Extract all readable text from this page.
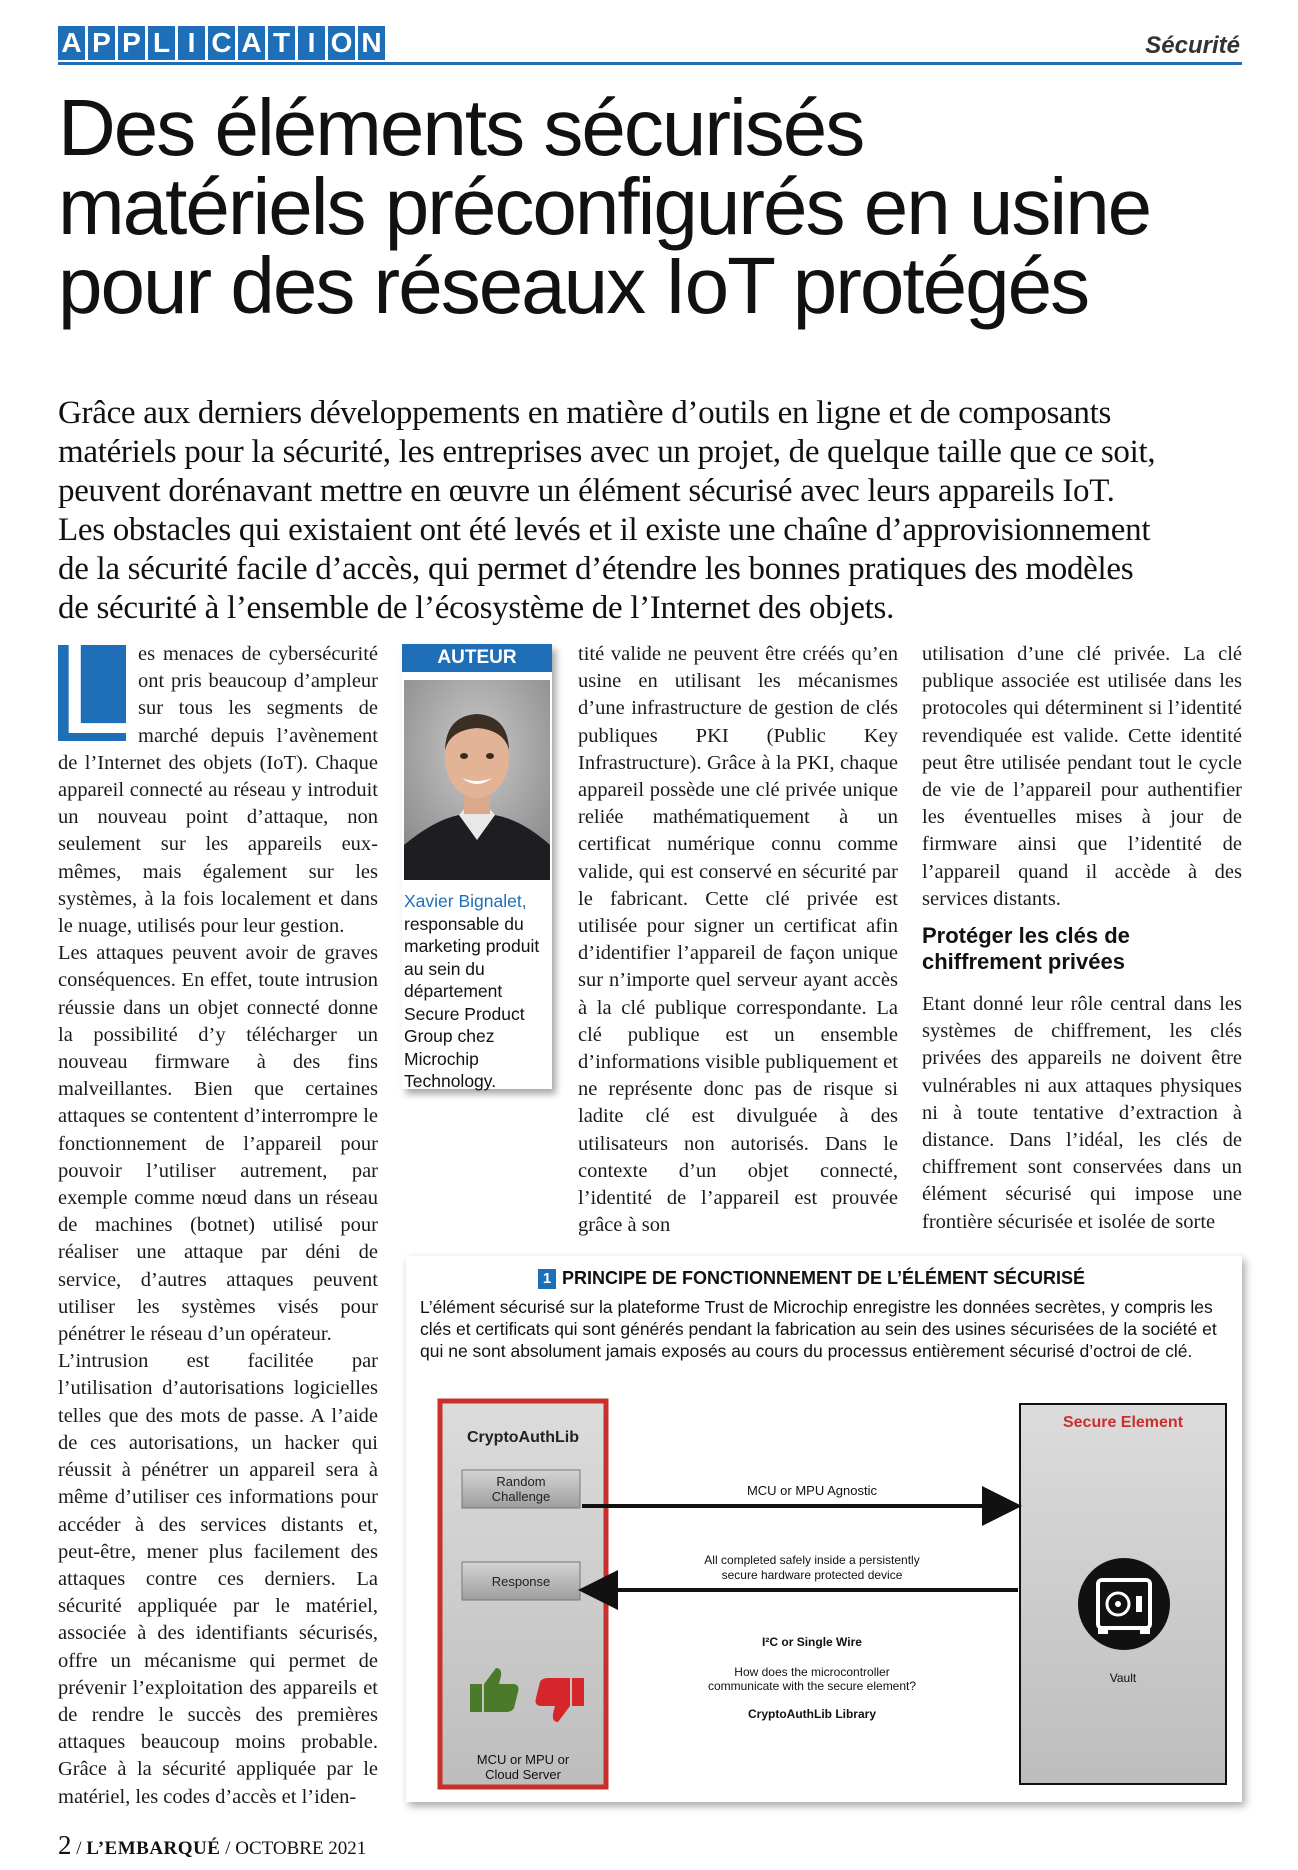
A P P L I C A T I O N	Sécurité
Des éléments sécurisés
matériels préconfigurés en usine
pour des réseaux IoT protégés

Grâce aux derniers développements en matière d’outils en ligne et de composants
matériels pour la sécurité, les entreprises avec un projet, de quelque taille que ce soit,
peuvent dorénavant mettre en œuvre un élément sécurisé avec leurs appareils IoT.
Les obstacles qui existaient ont été levés et il existe une chaîne d’approvisionnement
de la sécurité facile d’accès, qui permet d’étendre les bonnes pratiques des modèles
de sécurité à l’ensemble de l’écosystème de l’Internet des objets.

L es menaces de cybersécurité ont pris beaucoup d’ampleur sur tous les segments de marché depuis l’avènement de l’Internet des objets (IoT). Chaque appareil connecté au réseau y introduit un nouveau point d’attaque, non seulement sur les appareils eux-mêmes, mais également sur les systèmes, à la fois localement et dans le nuage, utilisés pour leur gestion.

Les attaques peuvent avoir de graves conséquences. En effet, toute intrusion réussie dans un objet connecté donne la possibilité d’y télécharger un nouveau firmware à des fins malveillantes. Bien que certaines attaques se contentent d’interrompre le fonctionnement de l’appareil pour pouvoir l’utiliser autrement, par exemple comme nœud dans un réseau de machines (botnet) utilisé pour réaliser une attaque par déni de service, d’autres attaques peuvent utiliser les systèmes visés pour pénétrer le réseau d’un opérateur.

L’intrusion est facilitée par l’utilisation d’autorisations logicielles telles que des mots de passe. A l’aide de ces autorisations, un hacker qui réussit à pénétrer un appareil sera à même d’utiliser ces informations pour accéder à des services distants et, peut-être, mener plus facilement des attaques contre ces derniers. La sécurité appliquée par le matériel, associée à des identifiants sécurisés, offre un mécanisme qui permet de prévenir l’exploitation des appareils et de rendre le succès des premières attaques beaucoup moins probable. Grâce à la sécurité appliquée par le matériel, les codes d’accès et l’iden-

AUTEUR
Xavier Bignalet,
responsable du marketing produit au sein du département Secure Product Group chez Microchip Technology.

tité valide ne peuvent être créés qu’en usine en utilisant les mécanismes d’une infrastructure de gestion de clés publiques PKI (Public Key Infrastructure). Grâce à la PKI, chaque appareil possède une clé privée unique reliée mathématiquement à un certificat numérique connu comme valide, qui est conservé en sécurité par le fabricant. Cette clé privée est utilisée pour signer un certificat afin d’identifier l’appareil de façon unique sur n’importe quel serveur ayant accès à la clé publique correspondante. La clé publique est un ensemble d’informations visible publiquement et ne représente donc pas de risque si ladite clé est divulguée à des utilisateurs non autorisés. Dans le contexte d’un objet connecté, l’identité de l’appareil est prouvée grâce à son

utilisation d’une clé privée. La clé publique associée est utilisée dans les protocoles qui déterminent si l’identité revendiquée est valide. Cette identité peut être utilisée pendant tout le cycle de vie de l’appareil pour authentifier les éventuelles mises à jour de firmware ainsi que l’identité de l’appareil quand il accède à des services distants.

Protéger les clés de chiffrement privées

Etant donné leur rôle central dans les systèmes de chiffrement, les clés privées des appareils ne doivent être vulnérables ni aux attaques physiques ni à toute tentative d’extraction à distance. Dans l’idéal, les clés de chiffrement sont conservées dans un élément sécurisé qui impose une frontière sécurisée et isolée de sorte

1 PRINCIPE DE FONCTIONNEMENT DE L’ÉLÉMENT SÉCURISÉ
L’élément sécurisé sur la plateforme Trust de Microchip enregistre les données secrètes, y compris les clés et certificats qui sont générés pendant la fabrication au sein des usines sécurisées de la société et qui ne sont absolument jamais exposés au cours du processus entièrement sécurisé d’octroi de clé.
CryptoAuthLib
Random
Challenge
Response
MCU or MPU or
Cloud Server
Secure Element
Vault
MCU or MPU Agnostic
All completed safely inside a persistently
secure hardware protected device
I²C or Single Wire
How does the microcontroller
communicate with the secure element?
CryptoAuthLib Library
2 / L’EMBARQUÉ / OCTOBRE 2021
